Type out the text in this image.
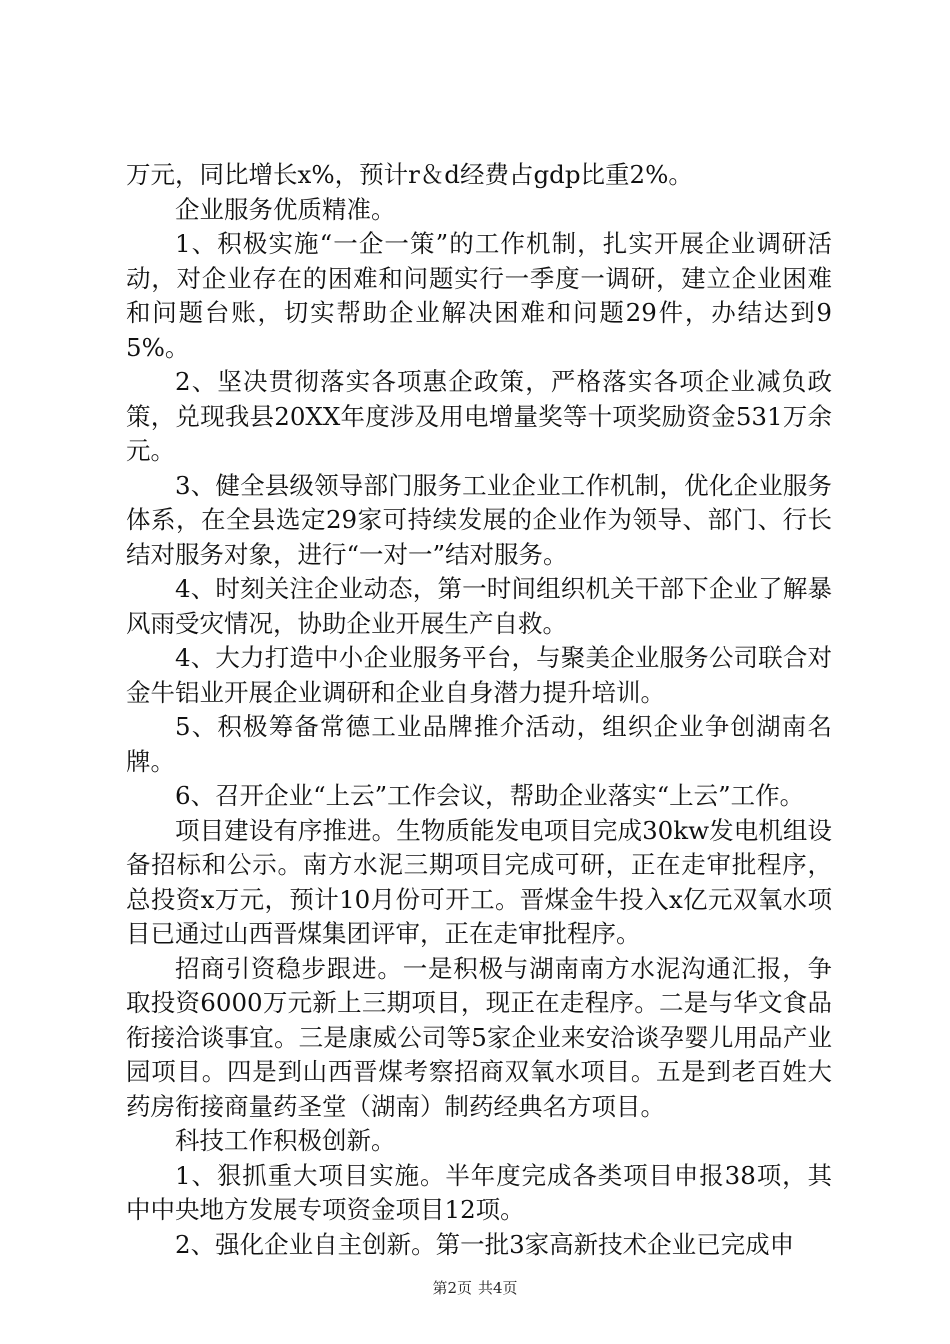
万元，同比增长x%，预计r＆d经费占gdp比重2%。

企业服务优质精准。

1、积极实施“一企一策”的工作机制，扎实开展企业调研活动，对企业存在的困难和问题实行一季度一调研，建立企业困难和问题台账，切实帮助企业解决困难和问题29件，办结达到95%。

2、坚决贯彻落实各项惠企政策，严格落实各项企业减负政策，兑现我县20XX年度涉及用电增量奖等十项奖励资金531万余元。

3、健全县级领导部门服务工业企业工作机制，优化企业服务体系，在全县选定29家可持续发展的企业作为领导、部门、行长结对服务对象，进行“一对一”结对服务。

4、时刻关注企业动态，第一时间组织机关干部下企业了解暴风雨受灾情况，协助企业开展生产自救。

4、大力打造中小企业服务平台，与聚美企业服务公司联合对金牛铝业开展企业调研和企业自身潜力提升培训。

5、积极筹备常德工业品牌推介活动，组织企业争创湖南名牌。

6、召开企业“上云”工作会议，帮助企业落实“上云”工作。

项目建设有序推进。生物质能发电项目完成30kw发电机组设备招标和公示。南方水泥三期项目完成可研，正在走审批程序，总投资x万元，预计10月份可开工。晋煤金牛投入x亿元双氧水项目已通过山西晋煤集团评审，正在走审批程序。

招商引资稳步跟进。一是积极与湖南南方水泥沟通汇报，争取投资6000万元新上三期项目，现正在走程序。二是与华文食品衔接洽谈事宜。三是康威公司等5家企业来安洽谈孕婴儿用品产业园项目。四是到山西晋煤考察招商双氧水项目。五是到老百姓大药房衔接商量药圣堂（湖南）制药经典名方项目。

科技工作积极创新。

1、狠抓重大项目实施。半年度完成各类项目申报38项，其中中央地方发展专项资金项目12项。

2、强化企业自主创新。第一批3家高新技术企业已完成申

第2页 共4页
